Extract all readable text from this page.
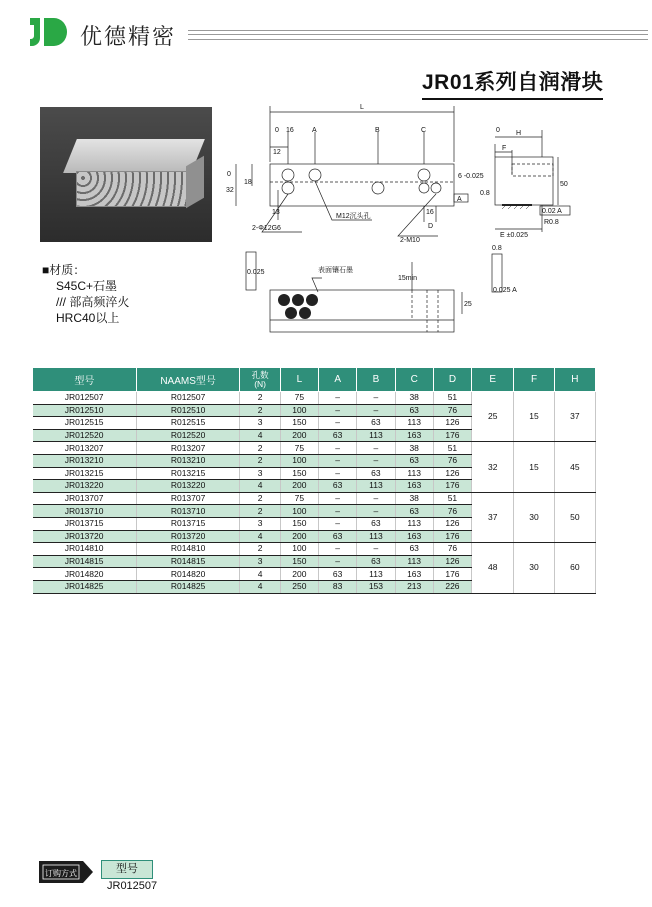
优德精密
JR01系列自润滑块
■材质：
S45C+石墨
/// 部高频淬火
HRC40以上
L
0 16
12
A	B	C
0
32
18
13
D
2-Φ12G6
M12沉头孔
2-M10
16
0 H
F
50
6 -0.025
A
0.8
R0.8
0.02 A
E ±0.025
0.8
0.025 A
表面镶石墨
15min
25
0.025
型号	NAAMS型号	孔数
(N)	L	A	B	C	D	E	F	H
JR012507	R012507	2	75	–	–	38	51	25	15	37
JR012510	R012510	2	100	–	–	63	76			
JR012515	R012515	3	150	–	63	113	126			
JR012520	R012520	4	200	63	113	163	176			
JR013207	R013207	2	75	–	–	38	51	32	15	45
JR013210	R013210	2	100	–	–	63	76			
JR013215	R013215	3	150	–	63	113	126			
JR013220	R013220	4	200	63	113	163	176			
JR013707	R013707	2	75	–	–	38	51	37	30	50
JR013710	R013710	2	100	–	–	63	76			
JR013715	R013715	3	150	–	63	113	126			
JR013720	R013720	4	200	63	113	163	176			
JR014810	R014810	2	100	–	–	63	76	48	30	60
JR014815	R014815	3	150	–	63	113	126			
JR014820	R014820	4	200	63	113	163	176			
JR014825	R014825	4	250	83	153	213	226			
订购方式	型号
JR012507
